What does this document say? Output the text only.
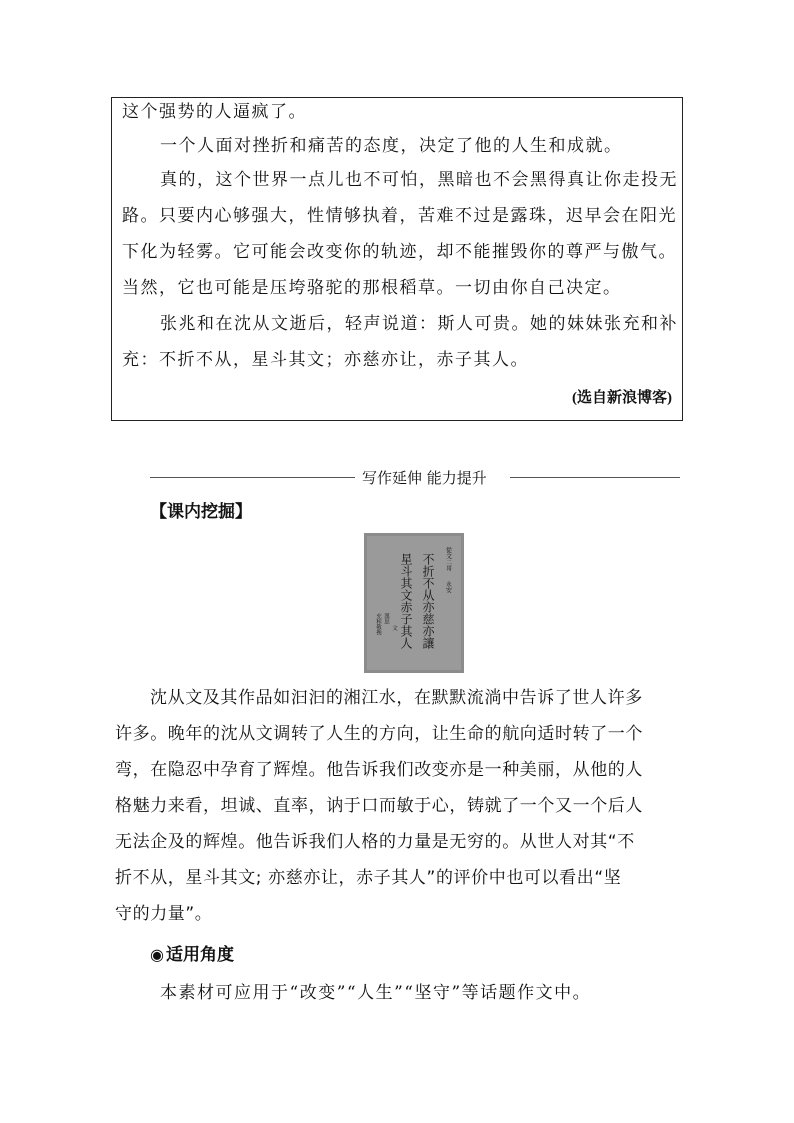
这个强势的人逼疯了。

一个人面对挫折和痛苦的态度，决定了他的人生和成就。

真的，这个世界一点儿也不可怕，黑暗也不会黑得真让你走投无

路。只要内心够强大，性情够执着，苦难不过是露珠，迟早会在阳光

下化为轻雾。它可能会改变你的轨迹，却不能摧毁你的尊严与傲气。

当然，它也可能是压垮骆驼的那根稻草。一切由你自己决定。

张兆和在沈从文逝后，轻声说道：斯人可贵。她的妹妹张充和补

充：不折不从，星斗其文；亦慈亦让，赤子其人。

(选自新浪博客)

写作延伸 能力提升
【课内挖掘】
不折不从亦慈亦讓
星斗其文赤子其人	從文二哥
永安
充和敬挽 漢思
文

沈从文及其作品如汩汩的湘江水，在默默流淌中告诉了世人许多

许多。晚年的沈从文调转了人生的方向，让生命的航向适时转了一个

弯，在隐忍中孕育了辉煌。他告诉我们改变亦是一种美丽，从他的人

格魅力来看，坦诚、直率，讷于口而敏于心，铸就了一个又一个后人

无法企及的辉煌。他告诉我们人格的力量是无穷的。从世人对其“不

折不从，星斗其文; 亦慈亦让，赤子其人”的评价中也可以看出“坚

守的力量”。

◉ 适用角度
本素材可应用于“改变”“人生”“坚守”等话题作文中。
